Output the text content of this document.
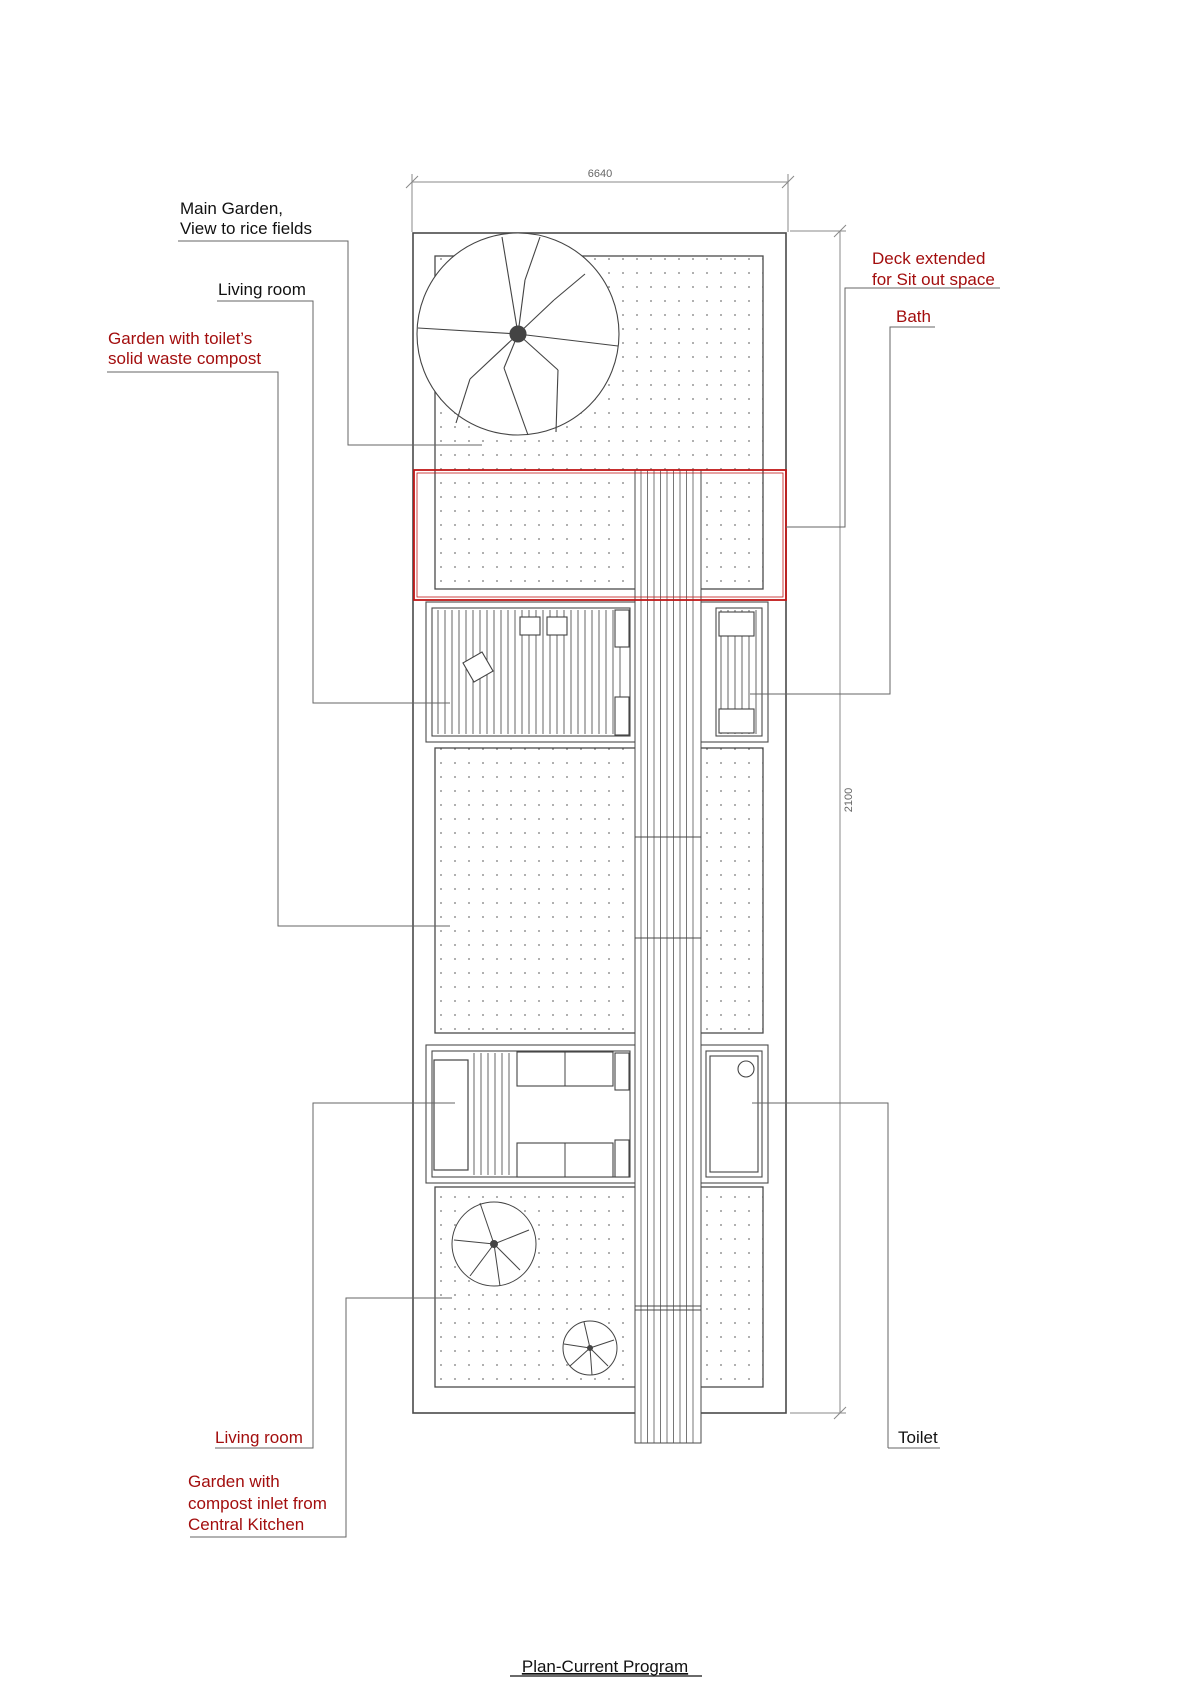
6640
2100
Main Garden,
View to rice fields
Living room
Garden with toilet’s
solid waste compost
Deck extended
for Sit out space
Bath
Living room
Garden with
compost inlet from
Central Kitchen
Toilet
Plan-Current Program
